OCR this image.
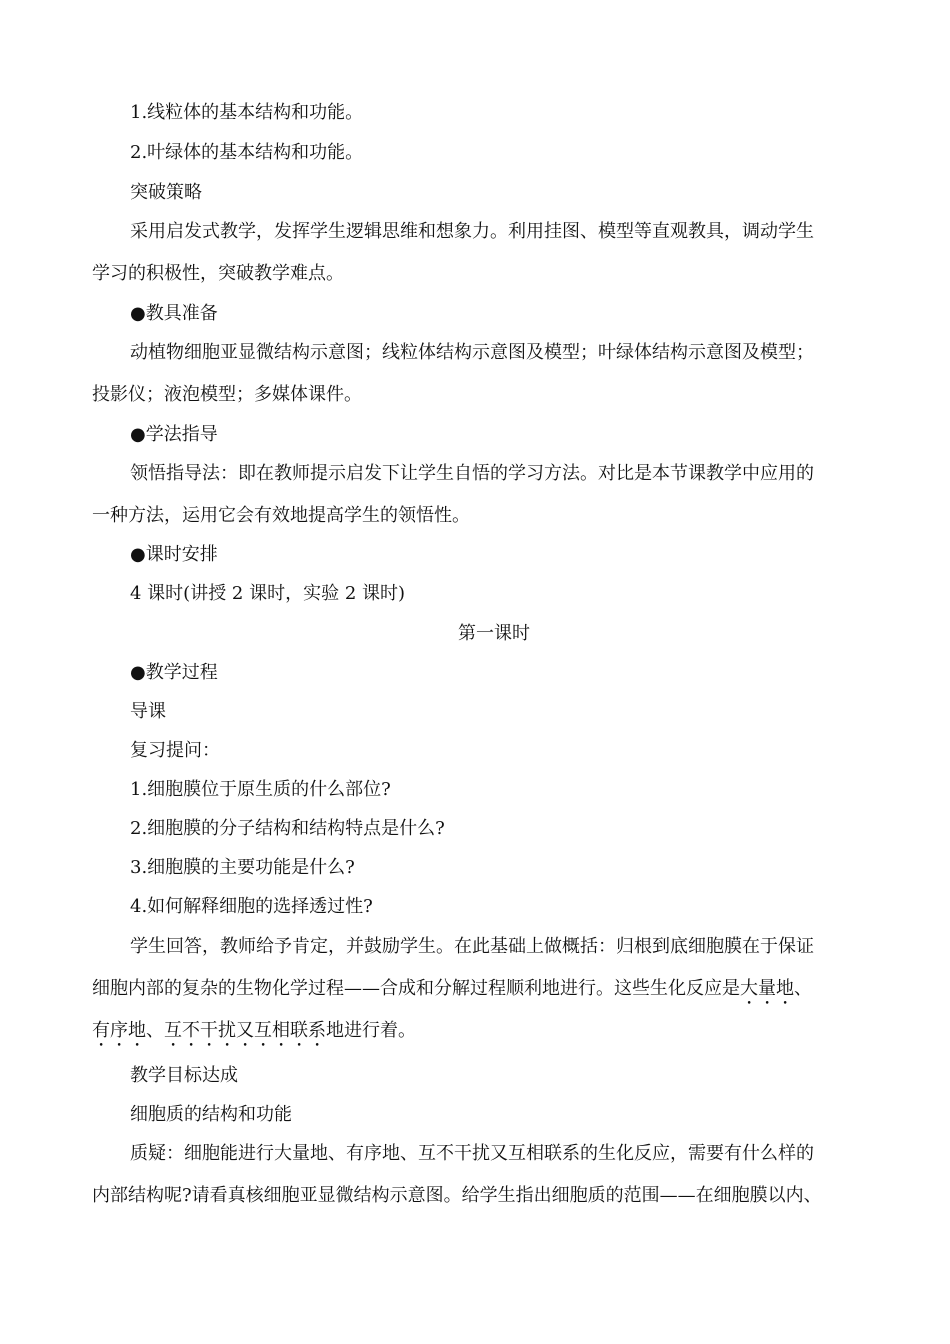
1.线粒体的基本结构和功能。
2.叶绿体的基本结构和功能。
突破策略
采用启发式教学，发挥学生逻辑思维和想象力。利用挂图、模型等直观教具，调动学生
学习的积极性，突破教学难点。
●教具准备
动植物细胞亚显微结构示意图；线粒体结构示意图及模型；叶绿体结构示意图及模型；
投影仪；液泡模型；多媒体课件。
●学法指导
领悟指导法：即在教师提示启发下让学生自悟的学习方法。对比是本节课教学中应用的
一种方法，运用它会有效地提高学生的领悟性。
●课时安排
4 课时(讲授 2 课时，实验 2 课时)
第一课时
●教学过程
导课
复习提问：
1.细胞膜位于原生质的什么部位?
2.细胞膜的分子结构和结构特点是什么?
3.细胞膜的主要功能是什么?
4.如何解释细胞的选择透过性?
学生回答，教师给予肯定，并鼓励学生。在此基础上做概括：归根到底细胞膜在于保证
细胞内部的复杂的生物化学过程——合成和分解过程顺利地进行。这些生化反应是大量地、
有序地、互不干扰又互相联系地进行着。
教学目标达成
细胞质的结构和功能
质疑：细胞能进行大量地、有序地、互不干扰又互相联系的生化反应，需要有什么样的
内部结构呢?请看真核细胞亚显微结构示意图。给学生指出细胞质的范围——在细胞膜以内、
